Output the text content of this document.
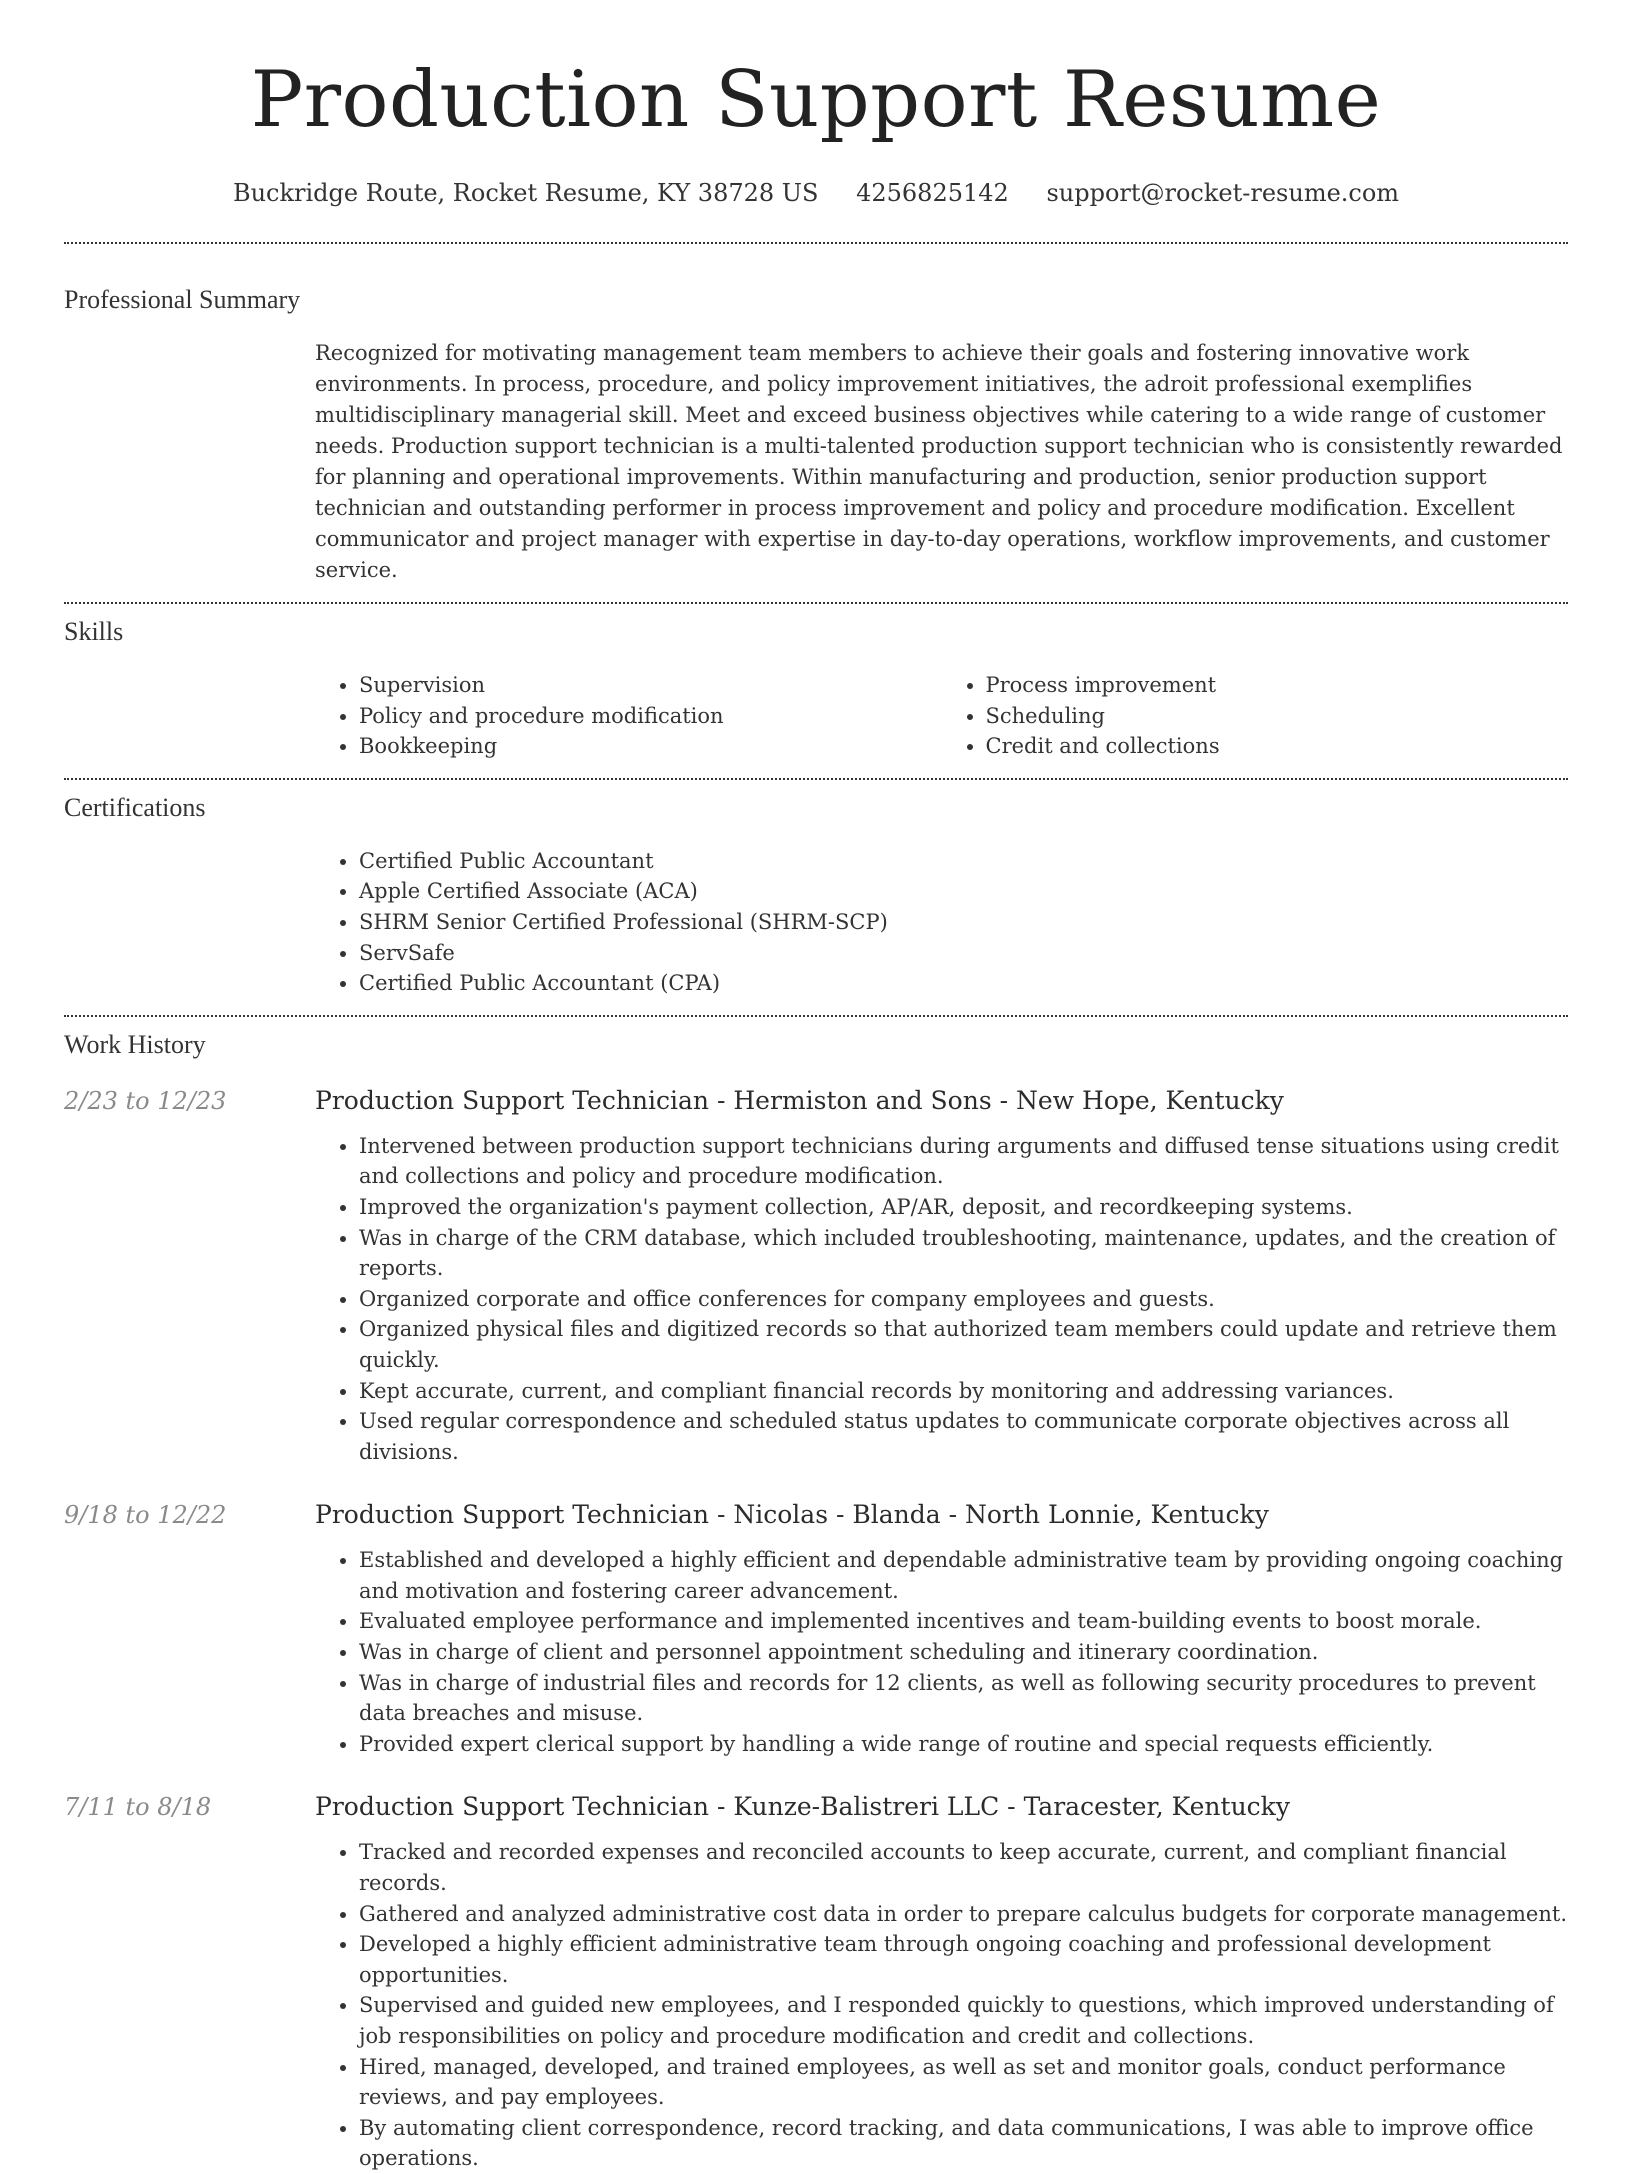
Production Support Resume
Buckridge Route, Rocket Resume, KY 38728 US 4256825142 support@rocket-resume.com
Professional Summary
Recognized for motivating management team members to achieve their goals and fostering innovative work environments. In process, procedure, and policy improvement initiatives, the adroit professional exemplifies multidisciplinary managerial skill. Meet and exceed business objectives while catering to a wide range of customer needs. Production support technician is a multi-talented production support technician who is consistently rewarded for planning and operational improvements. Within manufacturing and production, senior production support technician and outstanding performer in process improvement and policy and procedure modification. Excellent communicator and project manager with expertise in day-to-day operations, workflow improvements, and customer service.
Skills
• Supervision
• Policy and procedure modification
• Bookkeeping
• Process improvement
• Scheduling
• Credit and collections
Certifications
• Certified Public Accountant
• Apple Certified Associate (ACA)
• SHRM Senior Certified Professional (SHRM-SCP)
• ServSafe
• Certified Public Accountant (CPA)
Work History
2/23 to 12/23	Production Support Technician - Hermiston and Sons - New Hope, Kentucky
• Intervened between production support technicians during arguments and diffused tense situations using credit and collections and policy and procedure modification.
• Improved the organization's payment collection, AP/AR, deposit, and recordkeeping systems.
• Was in charge of the CRM database, which included troubleshooting, maintenance, updates, and the creation of reports.
• Organized corporate and office conferences for company employees and guests.
• Organized physical files and digitized records so that authorized team members could update and retrieve them quickly.
• Kept accurate, current, and compliant financial records by monitoring and addressing variances.
• Used regular correspondence and scheduled status updates to communicate corporate objectives across all divisions.
9/18 to 12/22	Production Support Technician - Nicolas - Blanda - North Lonnie, Kentucky
• Established and developed a highly efficient and dependable administrative team by providing ongoing coaching and motivation and fostering career advancement.
• Evaluated employee performance and implemented incentives and team-building events to boost morale.
• Was in charge of client and personnel appointment scheduling and itinerary coordination.
• Was in charge of industrial files and records for 12 clients, as well as following security procedures to prevent data breaches and misuse.
• Provided expert clerical support by handling a wide range of routine and special requests efficiently.
7/11 to 8/18	Production Support Technician - Kunze-Balistreri LLC - Taracester, Kentucky
• Tracked and recorded expenses and reconciled accounts to keep accurate, current, and compliant financial records.
• Gathered and analyzed administrative cost data in order to prepare calculus budgets for corporate management.
• Developed a highly efficient administrative team through ongoing coaching and professional development opportunities.
• Supervised and guided new employees, and I responded quickly to questions, which improved understanding of job responsibilities on policy and procedure modification and credit and collections.
• Hired, managed, developed, and trained employees, as well as set and monitor goals, conduct performance reviews, and pay employees.
• By automating client correspondence, record tracking, and data communications, I was able to improve office operations.
